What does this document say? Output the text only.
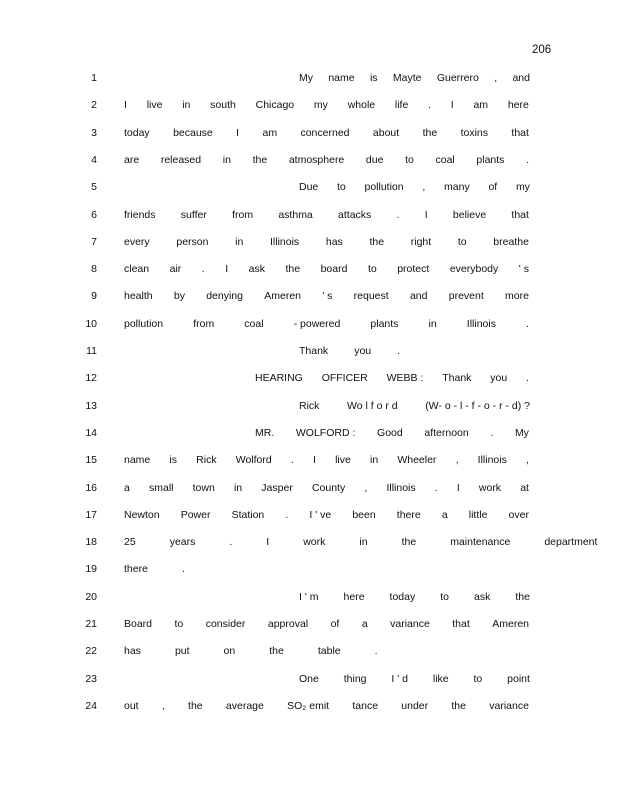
206
1	My name is Mayte Guerrero , and
2	I live in south Chicago my whole life . I am here
3	today because I am concerned about the toxins that
4	are released in the atmosphere due to coal plants .
5	Due to pollution , many of my
6	friends suffer from asthma attacks . I believe that
7	every	person	in	Illinois	has	the	right	to	breathe
8	clean air . I ask the board to protect everybody ' s
9	health by denying Ameren ' s request and prevent more
10	pollution	from	coal	- powered	plants	in	Illinois	.
11	Thank you .
12	HEARING OFFICER WEBB : Thank you .
13	Rick	Wo l f o r d	(W- o - l - f - o - r - d) ?
14	MR. WOLFORD : Good afternoon . My
15	name is Rick Wolford . I live in Wheeler , Illinois ,
16	a small town in Jasper County , Illinois . I work at
17	Newton Power Station . I ' ve been there a little over
18	25	years	.	I	work	in	the	maintenance	department
19	there	.
20	I ' m here today to ask the
21	Board to consider approval of a variance that Ameren
22	has	put	on	the	table	.
23	One thing I ' d like to point
24	out , the average SO₂ emit tance under the variance
